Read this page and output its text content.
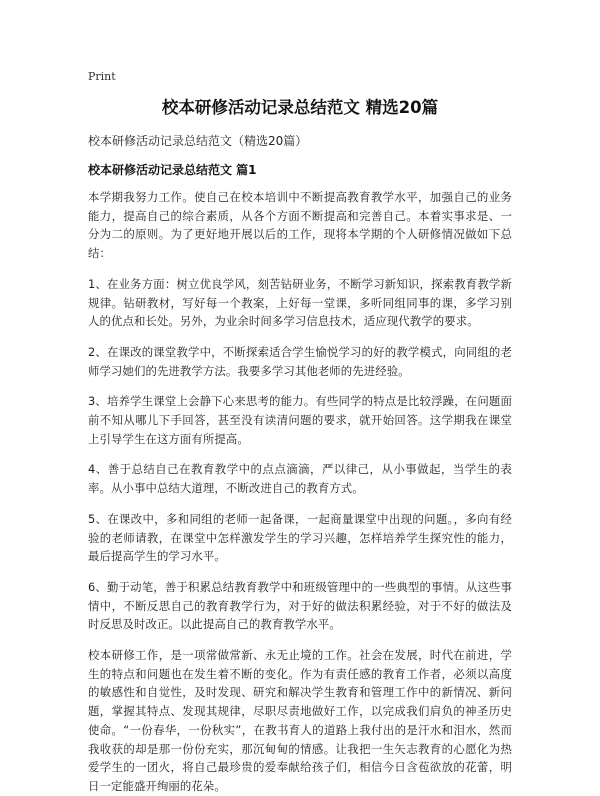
Print
校本研修活动记录总结范文 精选20篇
校本研修活动记录总结范文（精选20篇）
校本研修活动记录总结范文 篇1

本学期我努力工作。使自己在校本培训中不断提高教育教学水平，加强自己的业务能力，提高自己的综合素质，从各个方面不断提高和完善自己。本着实事求是、一分为二的原则。为了更好地开展以后的工作，现将本学期的个人研修情况做如下总结：

1、在业务方面：树立优良学风，刻苦钻研业务，不断学习新知识，探索教育教学新规律。钻研教材，写好每一个教案，上好每一堂课，多听同组同事的课，多学习别人的优点和长处。另外，为业余时间多学习信息技术，适应现代教学的要求。

2、在课改的课堂教学中，不断探索适合学生愉悦学习的好的教学模式，向同组的老师学习她们的先进教学方法。我要多学习其他老师的先进经验。

3、培养学生课堂上会静下心来思考的能力。有些同学的特点是比较浮躁，在问题面前不知从哪儿下手回答，甚至没有读清问题的要求，就开始回答。这学期我在课堂上引导学生在这方面有所提高。

4、善于总结自己在教育教学中的点点滴滴，严以律己，从小事做起，当学生的表率。从小事中总结大道理，不断改进自己的教育方式。

5、在课改中，多和同组的老师一起备课，一起商量课堂中出现的问题。，多向有经验的老师请教，在课堂中怎样激发学生的学习兴趣，怎样培养学生探究性的能力，最后提高学生的学习水平。

6、勤于动笔，善于积累总结教育教学中和班级管理中的一些典型的事情。从这些事情中，不断反思自己的教育教学行为，对于好的做法积累经验，对于不好的做法及时反思及时改正。以此提高自己的教育教学水平。

校本研修工作，是一项常做常新、永无止境的工作。社会在发展，时代在前进，学生的特点和问题也在发生着不断的变化。作为有责任感的教育工作者，必须以高度的敏感性和自觉性，及时发现、研究和解决学生教育和管理工作中的新情况、新问题，掌握其特点、发现其规律，尽职尽责地做好工作，以完成我们肩负的神圣历史使命。“一份春华，一份秋实”，在教书育人的道路上我付出的是汗水和泪水，然而我收获的却是那一份份充实，那沉甸甸的情感。让我把一生矢志教育的心愿化为热爱学生的一团火，将自己最珍贵的爱奉献给孩子们，相信今日含苞欲放的花蕾，明日一定能盛开绚丽的花朵。
